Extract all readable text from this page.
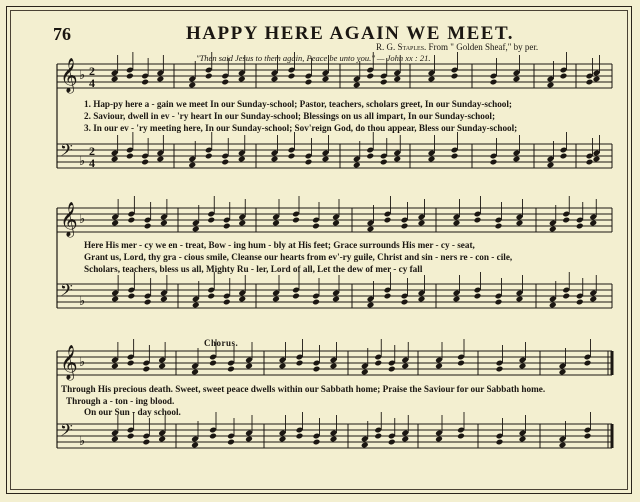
76	HAPPY HERE AGAIN WE MEET.
R. G. Staples. From " Golden Sheaf," by per.
"Then said Jesus to them again, Peace be unto you." — John xx : 21.
Chorus.
𝄞 ♭ 2
4
𝄢 ♭
2
4
𝄞 ♭
𝄢 ♭
𝄞 ♭
𝄢 ♭
1. Hap-py here a - gain we meet In our Sunday-school; Pastor, teachers, scholars greet, In our Sunday-school;
2. Saviour, dwell in ev - 'ry heart In our Sunday-school; Blessings on us all impart, In our Sunday-school;
3. In our ev - 'ry meeting here, In our Sunday-school; Sov'reign God, do thou appear, Bless our Sunday-school;
Here His mer - cy we en - treat, Bow - ing hum - bly at His feet; Grace surrounds His mer - cy - seat,
Grant us, Lord, thy gra - cious smile, Cleanse our hearts from ev'-ry guile, Christ and sin - ners re - con - cile,
Scholars, teachers, bless us all, Mighty Ru - ler, Lord of all, Let the dew of mer - cy fall
Through His precious death. Sweet, sweet peace dwells within our Sabbath home; Praise the Saviour for our Sabbath home.
Through a - ton - ing blood.
On our Sun - day school.
